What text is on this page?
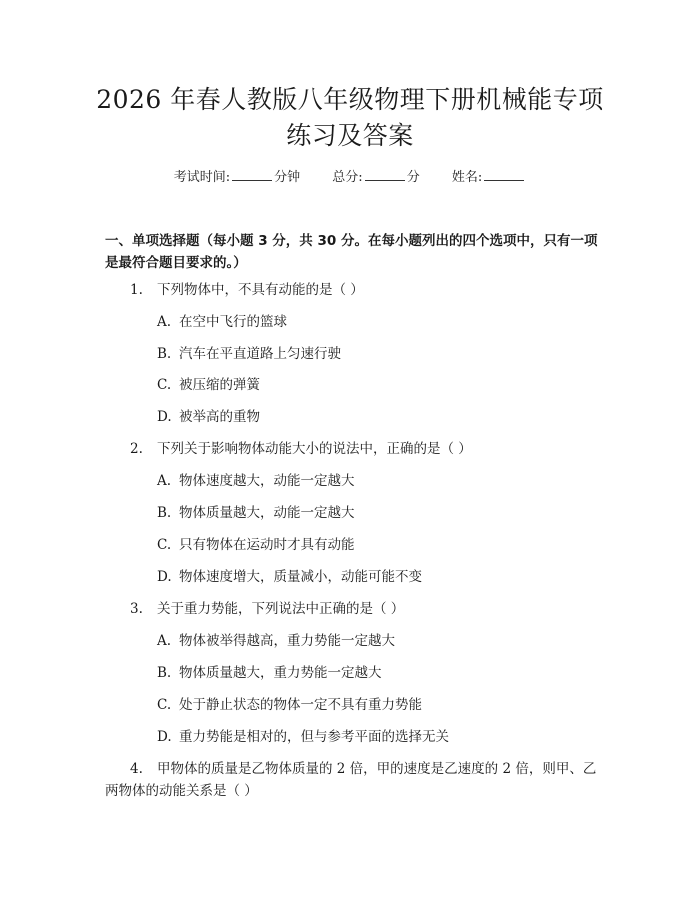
2026 年春人教版八年级物理下册机械能专项
练习及答案
考试时间:	分钟 总分:	分 姓名:
一、单项选择题（每小题 3 分，共 30 分。在每小题列出的四个选项中，只有一项是最符合题目要求的。）
1. 下列物体中，不具有动能的是（ ）
A. 在空中飞行的篮球
B. 汽车在平直道路上匀速行驶
C. 被压缩的弹簧
D. 被举高的重物
2. 下列关于影响物体动能大小的说法中，正确的是（ ）
A. 物体速度越大，动能一定越大
B. 物体质量越大，动能一定越大
C. 只有物体在运动时才具有动能
D. 物体速度增大，质量减小，动能可能不变
3. 关于重力势能，下列说法中正确的是（ ）
A. 物体被举得越高，重力势能一定越大
B. 物体质量越大，重力势能一定越大
C. 处于静止状态的物体一定不具有重力势能
D. 重力势能是相对的，但与参考平面的选择无关
4. 甲物体的质量是乙物体质量的 2 倍，甲的速度是乙速度的 2 倍，则甲、乙两物体的动能关系是（ ）
